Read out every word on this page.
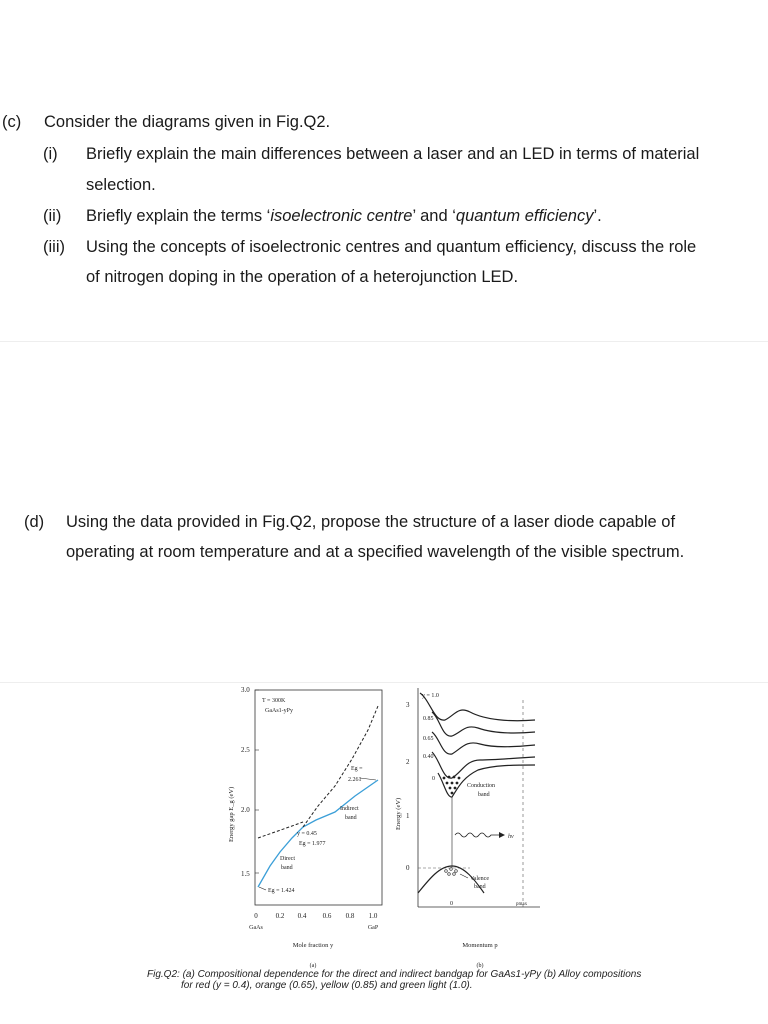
(c) Consider the diagrams given in Fig.Q2.
(i) Briefly explain the main differences between a laser and an LED in terms of material
selection.
(ii) Briefly explain the terms ‘isoelectronic centre’ and ‘quantum efficiency’.
(iii) Using the concepts of isoelectronic centres and quantum efficiency, discuss the role
of nitrogen doping in the operation of a heterojunction LED.
(d) Using the data provided in Fig.Q2, propose the structure of a laser diode capable of
operating at room temperature and at a specified wavelength of the visible spectrum.
3.0
2.5
2.0
1.5
Energy gap E_g (eV)
0	0.2 0.4 0.6 0.8 1.0
GaAs	GaP
Mole fraction y
(a)
T = 300K
GaAs1-yPy
Eg =
2.261
Indirect
band
y = 0.45
Eg = 1.977
Direct
band
Eg = 1.424
3
2
1
0
Energy (eV)
hv
y = 1.0
0.85
0.65
0.40
0
Conduction
band
Valence
band
0	pmax
Momentum p
(b)
Fig.Q2: (a) Compositional dependence for the direct and indirect bandgap for GaAs1-yPy (b) Alloy compositions
for red (y = 0.4), orange (0.65), yellow (0.85) and green light (1.0).
